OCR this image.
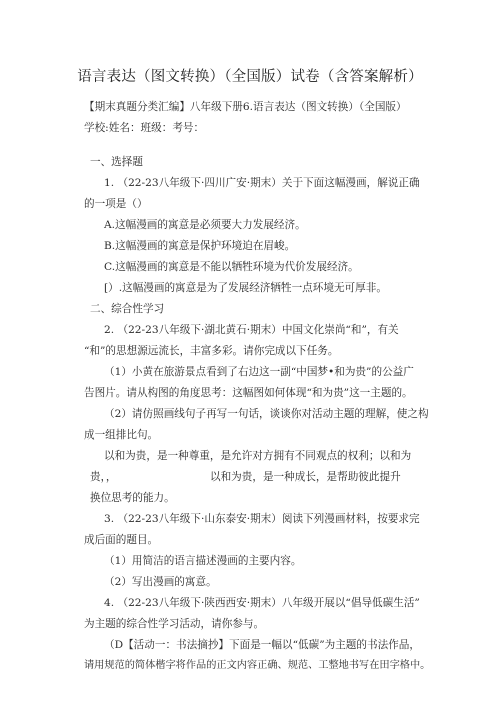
语言表达（图文转换）（全国版）试卷（含答案解析）
【期末真题分类汇编】八年级下册6.语言表达（图文转换）（全国版）
学校:姓名：班级：考号：
一、选择题
1. （22-23八年级下·四川广安·期末）关于下面这幅漫画，解说正确
的一项是（）
A.这幅漫画的寓意是必须要大力发展经济。
B.这幅漫画的寓意是保护环境迫在眉峻。
C.这幅漫画的寓意是不能以牺牲环境为代价发展经济。
[）.这幅漫画的寓意是为了发展经济牺牲一点环境无可厚非。
二、综合性学习
2. （22-23八年级下·湖北黄石·期末）中国文化崇尚“和”，有关
“和”的思想源远流长，丰富多彩。请你完成以下任务。
（1）小黄在旅游景点看到了右边这一副“中国梦•和为贵”的公益广
告图片。请从构图的角度思考：这幅图如何体现“和为贵”这一主题的。
（2）请仿照画线句子再写一句话，谈谈你对活动主题的理解，使之构
成一组排比句。
以和为贵，是一种尊重，是允许对方拥有不同观点的权利；以和为
贵，，	以和为贵，是一种成长，是帮助彼此提升
换位思考的能力。
3. （22-23八年级下·山东泰安·期末）阅读下列漫画材料，按要求完
成后面的题目。
（1）用简洁的语言描述漫画的主要内容。
（2）写出漫画的寓意。
4. （22-23八年级下·陕西西安·期末）八年级开展以“倡导低碳生活”
为主题的综合性学习活动，请你参与。
（D【活动一：书法摘抄】下面是一幅以“低碳”为主题的书法作品，
请用规范的简体楷字将作品的正文内容正确、规范、工整地书写在田字格中。
